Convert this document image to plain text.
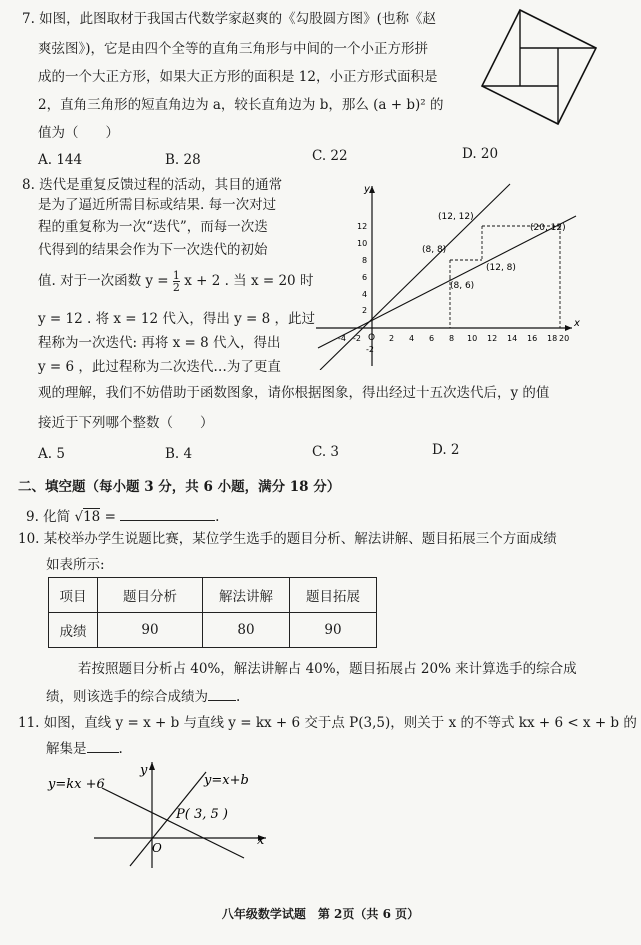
7. 如图，此图取材于我国古代数学家赵爽的《勾股圆方图》(也称《赵
爽弦图》)，它是由四个全等的直角三角形与中间的一个小正方形拼
成的一个大正方形，如果大正方形的面积是 12，小正方形式面积是
2，直角三角形的短直角边为 a，较长直角边为 b，那么 (a + b)² 的
值为（　　）
A. 144	B. 28	C. 22	D. 20
8. 迭代是重复反馈过程的活动，其目的通常
是为了逼近所需目标或结果. 每一次对过
程的重复称为一次“迭代”，而每一次迭
代得到的结果会作为下一次迭代的初始
值. 对于一次函数 $y = \frac{1}{2}$ x + 2 . 当 x = 20 时
y = 12 . 将 x = 12 代入，得出 y = 8 ，此过
程称为一次迭代: 再将 x = 8 代入，得出
y = 6 ，此过程称为二次迭代…为了更直
观的理解，我们不妨借助于函数图象，请你根据图象，得出经过十五次迭代后，y 的值
接近于下列哪个整数（　　）
A. 5	B. 4	C. 3	D. 2
x
y
O
-4 -2	2 4 6 8 10 12 14 16 18 20
-2
2
4
6
8
10
12
(12, 12)
(20, 12)
(8, 8)
(12, 8)
(8, 6)
二、填空题（每小题 3 分，共 6 小题，满分 18 分）
9. 化简 √18 =	.
10. 某校举办学生说题比赛，某位学生选手的题目分析、解法讲解、题目拓展三个方面成绩
如表所示:
项目	题目分析	解法讲解	题目拓展
成绩	90	80	90
若按照题目分析占 40%，解法讲解占 40%，题目拓展占 20% 来计算选手的综合成
绩，则该选手的综合成绩为 .
11. 如图，直线 y = x + b 与直线 y = kx + 6 交于点 P(3,5)，则关于 x 的不等式 kx + 6 < x + b 的
解集是 .
x
y
O
y=kx +6	y=x+b
P( 3, 5 )
八年级数学试题　第 2页（共 6 页）
